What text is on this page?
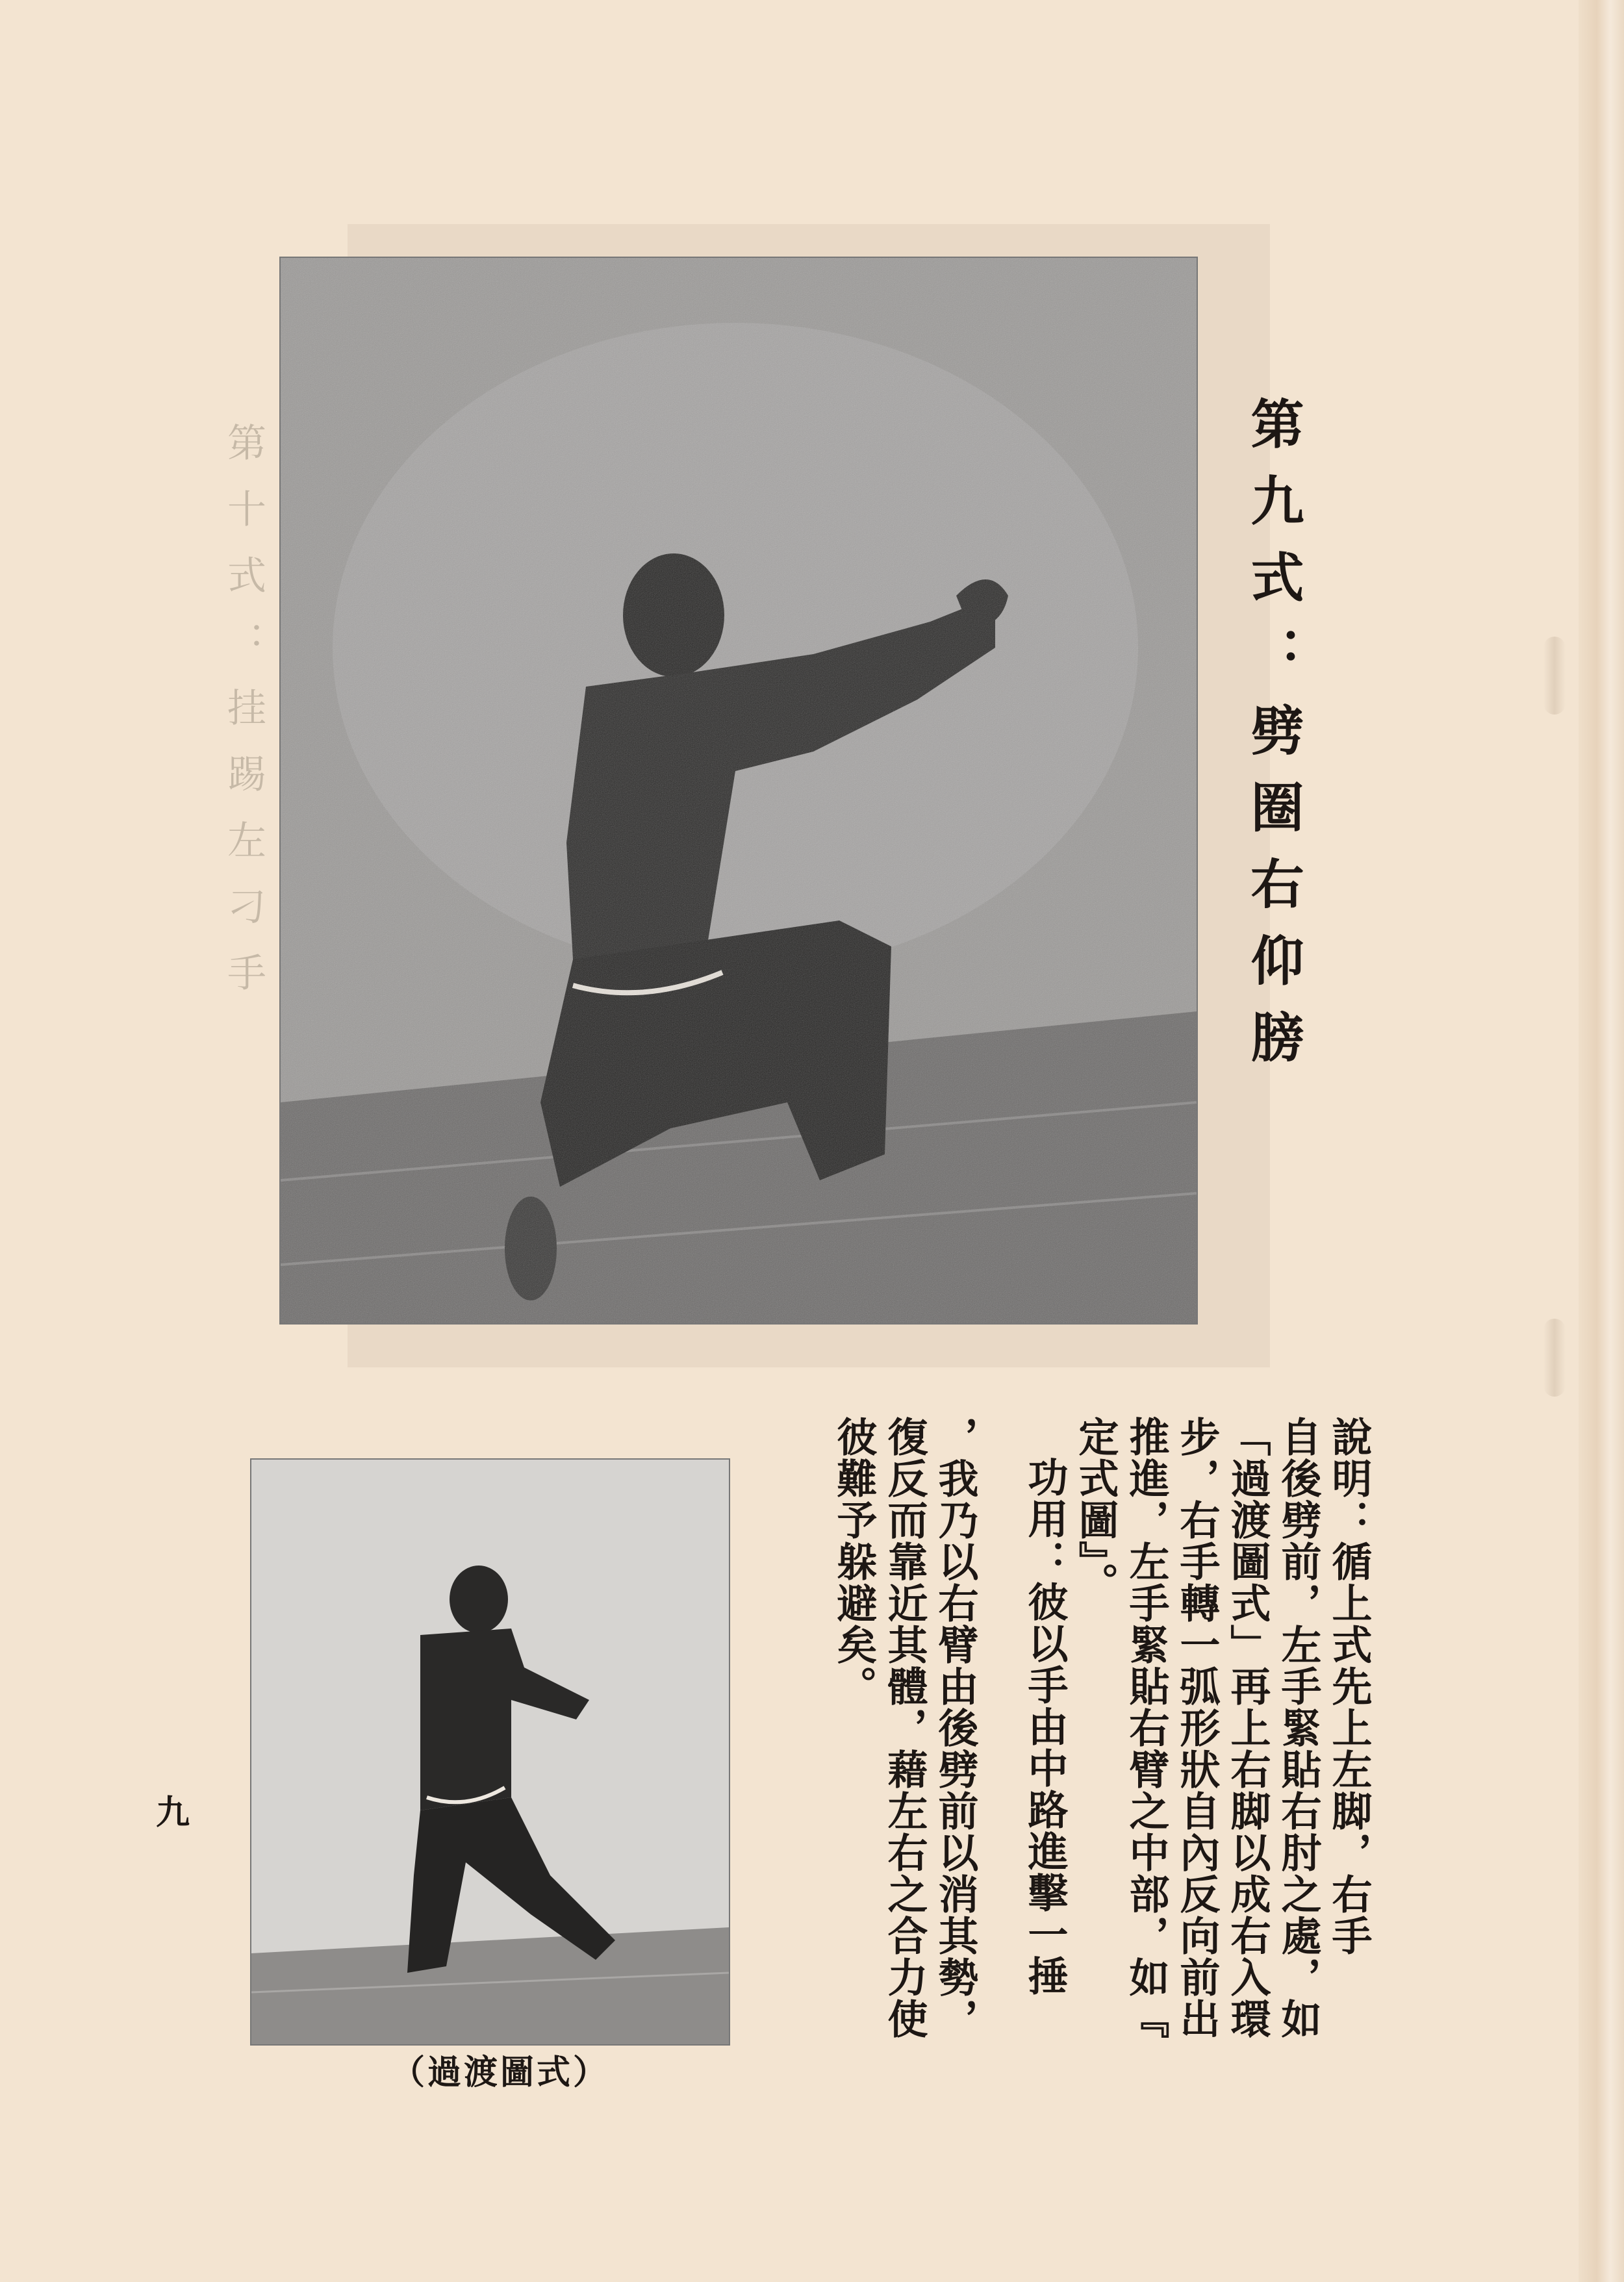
第十式：挂踢左刁手	第九式：劈圈右仰膀
（過渡圖式）
九	說明：循上式先上左脚，右手

自後劈前，左手緊貼右肘之處，如

「過渡圖式」再上右脚以成右入環

步，右手轉一弧形狀自內反向前出

推進，左手緊貼右臂之中部，如『

定式圖』。

功用：彼以手由中路進擊一捶

，我乃以右臂由後劈前以消其勢，

復反而靠近其體，藉左右之合力使

彼難予躲避矣。
